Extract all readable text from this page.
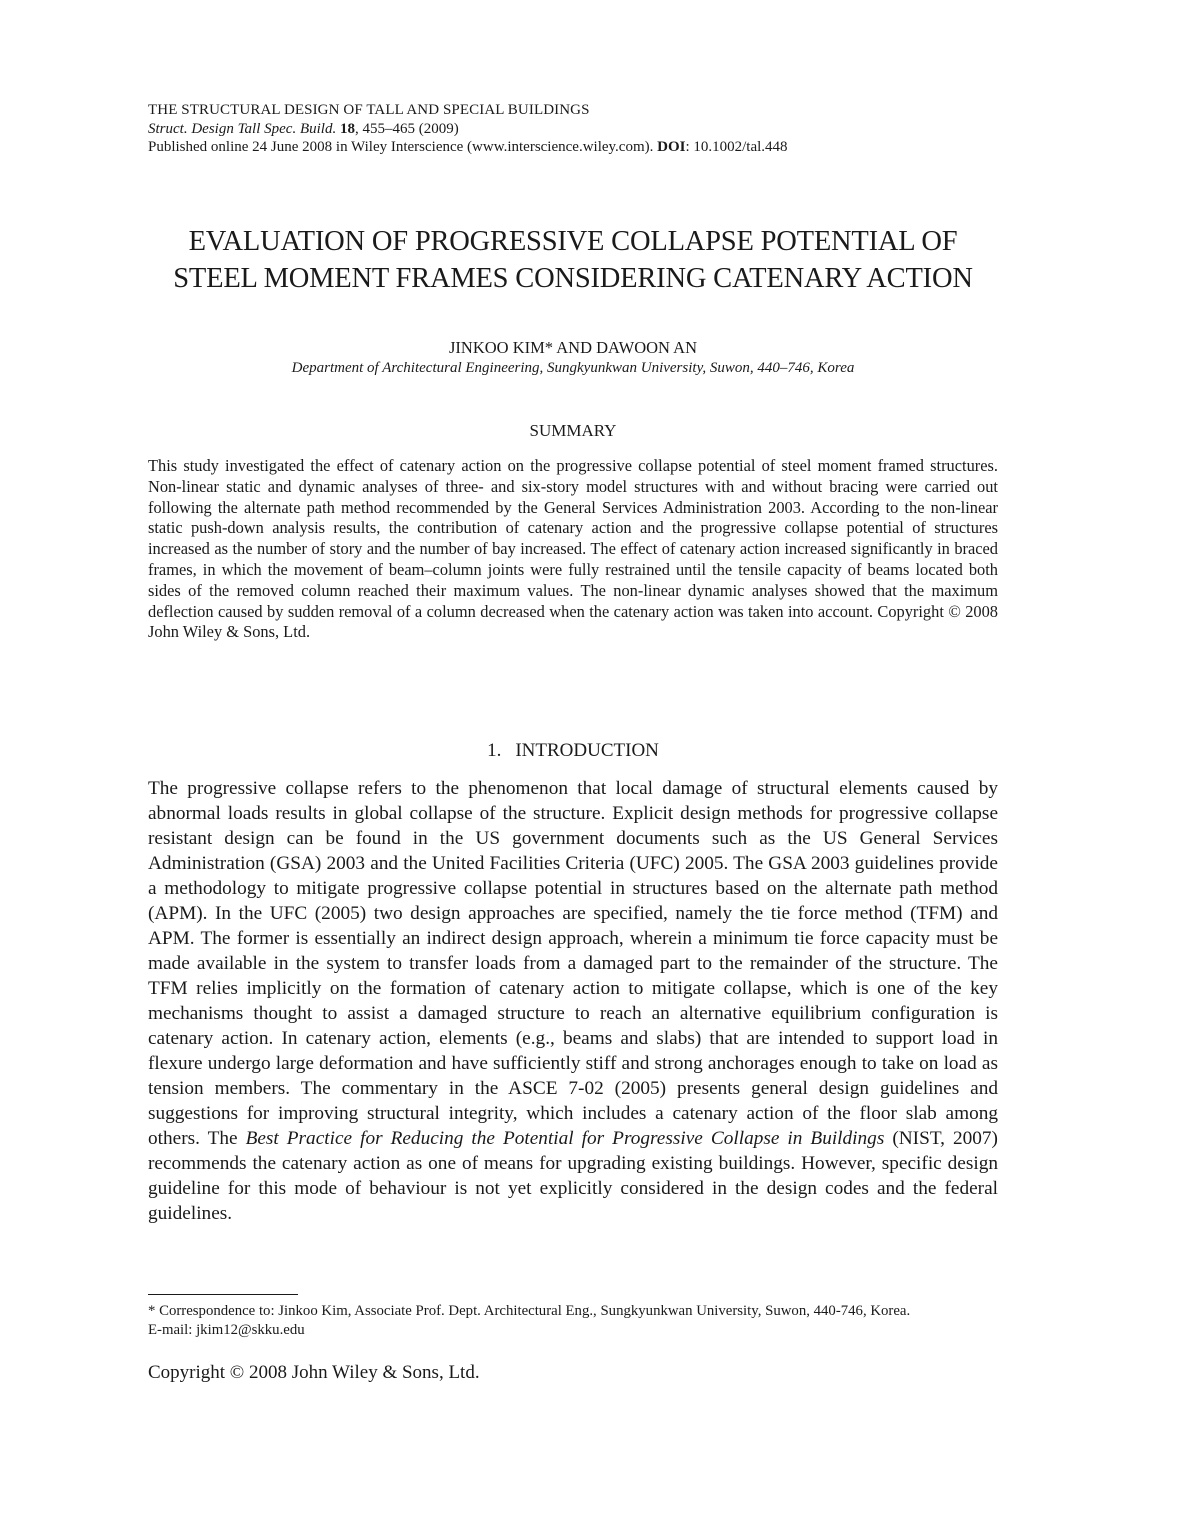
THE STRUCTURAL DESIGN OF TALL AND SPECIAL BUILDINGS
Struct. Design Tall Spec. Build. 18, 455–465 (2009)
Published online 24 June 2008 in Wiley Interscience (www.interscience.wiley.com). DOI: 10.1002/tal.448
EVALUATION OF PROGRESSIVE COLLAPSE POTENTIAL OF
STEEL MOMENT FRAMES CONSIDERING CATENARY ACTION
JINKOO KIM* AND DAWOON AN
Department of Architectural Engineering, Sungkyunkwan University, Suwon, 440–746, Korea
SUMMARY

This study investigated the effect of catenary action on the progressive collapse potential of steel moment framed structures. Non-linear static and dynamic analyses of three- and six-story model structures with and without bracing were carried out following the alternate path method recommended by the General Services Administration 2003. According to the non-linear static push-down analysis results, the contribution of catenary action and the progressive collapse potential of structures increased as the number of story and the number of bay increased. The effect of catenary action increased significantly in braced frames, in which the movement of beam–column joints were fully restrained until the tensile capacity of beams located both sides of the removed column reached their maximum values. The non-linear dynamic analyses showed that the maximum deflection caused by sudden removal of a column decreased when the catenary action was taken into account. Copyright © 2008 John Wiley & Sons, Ltd.

1. INTRODUCTION

The progressive collapse refers to the phenomenon that local damage of structural elements caused by abnormal loads results in global collapse of the structure. Explicit design methods for progressive collapse resistant design can be found in the US government documents such as the US General Services Administration (GSA) 2003 and the United Facilities Criteria (UFC) 2005. The GSA 2003 guidelines provide a methodology to mitigate progressive collapse potential in structures based on the alternate path method (APM). In the UFC (2005) two design approaches are specified, namely the tie force method (TFM) and APM. The former is essentially an indirect design approach, wherein a minimum tie force capacity must be made available in the system to transfer loads from a damaged part to the remainder of the structure. The TFM relies implicitly on the formation of catenary action to mitigate collapse, which is one of the key mechanisms thought to assist a damaged structure to reach an alternative equilibrium configuration is catenary action. In catenary action, elements (e.g., beams and slabs) that are intended to support load in flexure undergo large deformation and have sufficiently stiff and strong anchorages enough to take on load as tension members. The commentary in the ASCE 7-02 (2005) presents general design guidelines and suggestions for improving structural integrity, which includes a catenary action of the floor slab among others. The Best Practice for Reducing the Potential for Progressive Collapse in Buildings (NIST, 2007) recommends the catenary action as one of means for upgrading existing buildings. However, specific design guideline for this mode of behaviour is not yet explicitly considered in the design codes and the federal guidelines.

* Correspondence to: Jinkoo Kim, Associate Prof. Dept. Architectural Eng., Sungkyunkwan University, Suwon, 440-746, Korea.
E-mail: jkim12@skku.edu
Copyright © 2008 John Wiley & Sons, Ltd.
